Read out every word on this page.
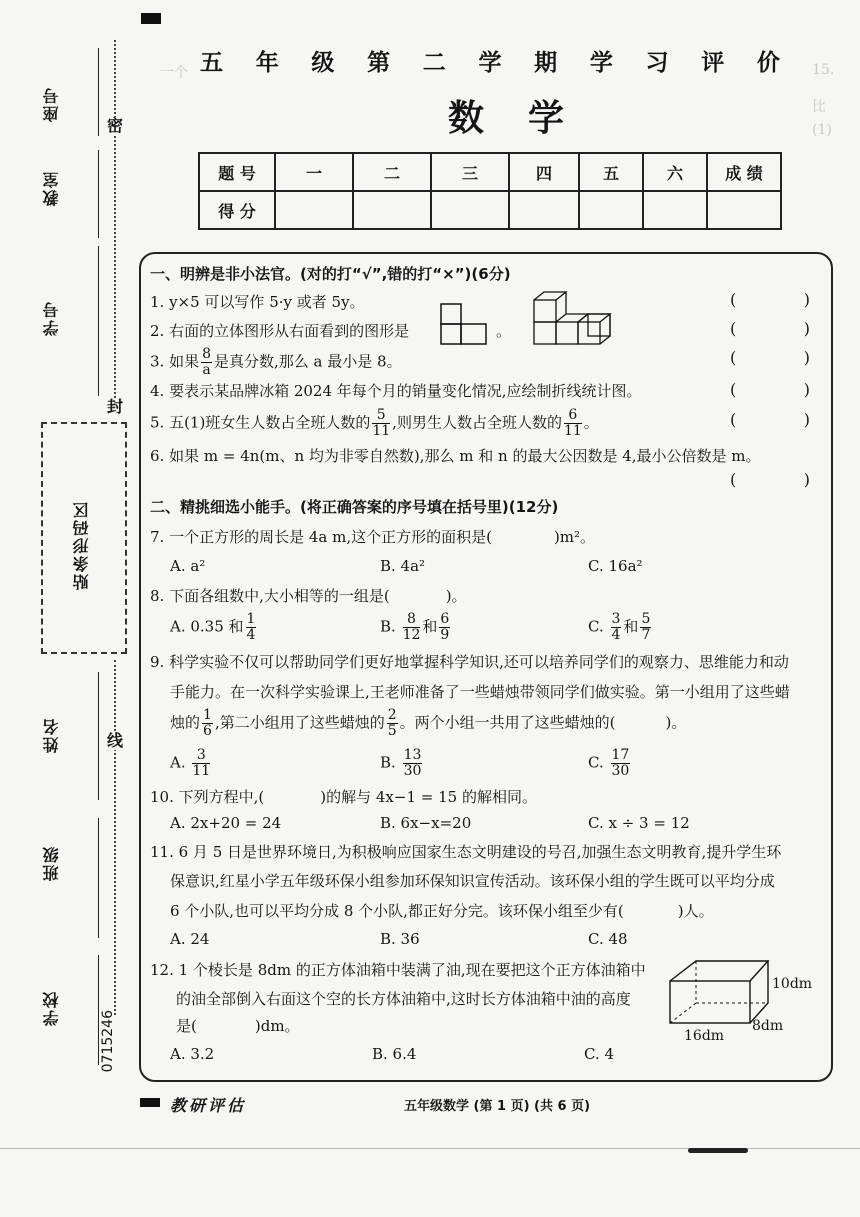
一个	15.
比
(1)
座号
教室
学号
密
封
贴条形码区
线
姓名
班级
学校
0715246
五 年 级 第 二 学 期 学 习 评 价
数学
题 号	一	二	三	四	五	六	成 绩
得 分							
一、明辨是非小法官。(对的打“√”,错的打“×”)(6分)
1. y×5 可以写作 5·y 或者 5y。	(	)
2. 右面的立体图形从右面看到的图形是	。	(	)
3. 如果 $\frac{8}{a}$ 是真分数,那么 a 最小是 8。	(	)
4. 要表示某品牌冰箱 2024 年每个月的销量变化情况,应绘制折线统计图。	(	)
5. 五(1)班女生人数占全班人数的 $\frac{5}{11}$ ,则男生人数占全班人数的 $\frac{6}{11}$ 。	(	)
6. 如果 m = 4n(m、n 均为非零自然数),那么 m 和 n 的最大公因数是 4,最小公倍数是 m。
(	)
二、精挑细选小能手。(将正确答案的序号填在括号里)(12分)
7. 一个正方形的周长是 4a m,这个正方形的面积是(	)m²。
A. a²	B. 4a²	C. 16a²
8. 下面各组数中,大小相等的一组是(	)。
A. 0.35 和 $\frac{1}{4}$	B. $\frac{8}{12}$ 和 $\frac{6}{9}$	C. $\frac{3}{4}$ 和 $\frac{5}{7}$
9. 科学实验不仅可以帮助同学们更好地掌握科学知识,还可以培养同学们的观察力、思维能力和动
手能力。在一次科学实验课上,王老师准备了一些蜡烛带领同学们做实验。第一小组用了这些蜡
烛的 $\frac{1}{6}$ ,第二小组用了这些蜡烛的 $\frac{2}{5}$ 。两个小组一共用了这些蜡烛的(	)。
A. $\frac{3}{11}$	B. $\frac{13}{30}$	C. $\frac{17}{30}$
10. 下列方程中,(	)的解与 4x−1 = 15 的解相同。
A. 2x+20 = 24	B. 6x−x=20	C. x ÷ 3 = 12
11. 6 月 5 日是世界环境日,为积极响应国家生态文明建设的号召,加强生态文明教育,提升学生环
保意识,红星小学五年级环保小组参加环保知识宣传活动。该环保小组的学生既可以平均分成
6 个小队,也可以平均分成 8 个小队,都正好分完。该环保小组至少有(	)人。
A. 24	B. 36	C. 48
12. 1 个棱长是 8dm 的正方体油箱中装满了油,现在要把这个正方体油箱中
的油全部倒入右面这个空的长方体油箱中,这时长方体油箱中油的高度
是(	)dm。
A. 3.2	B. 6.4	C. 4
10dm
8dm
16dm
教研评估	五年级数学 (第 1 页) (共 6 页)
